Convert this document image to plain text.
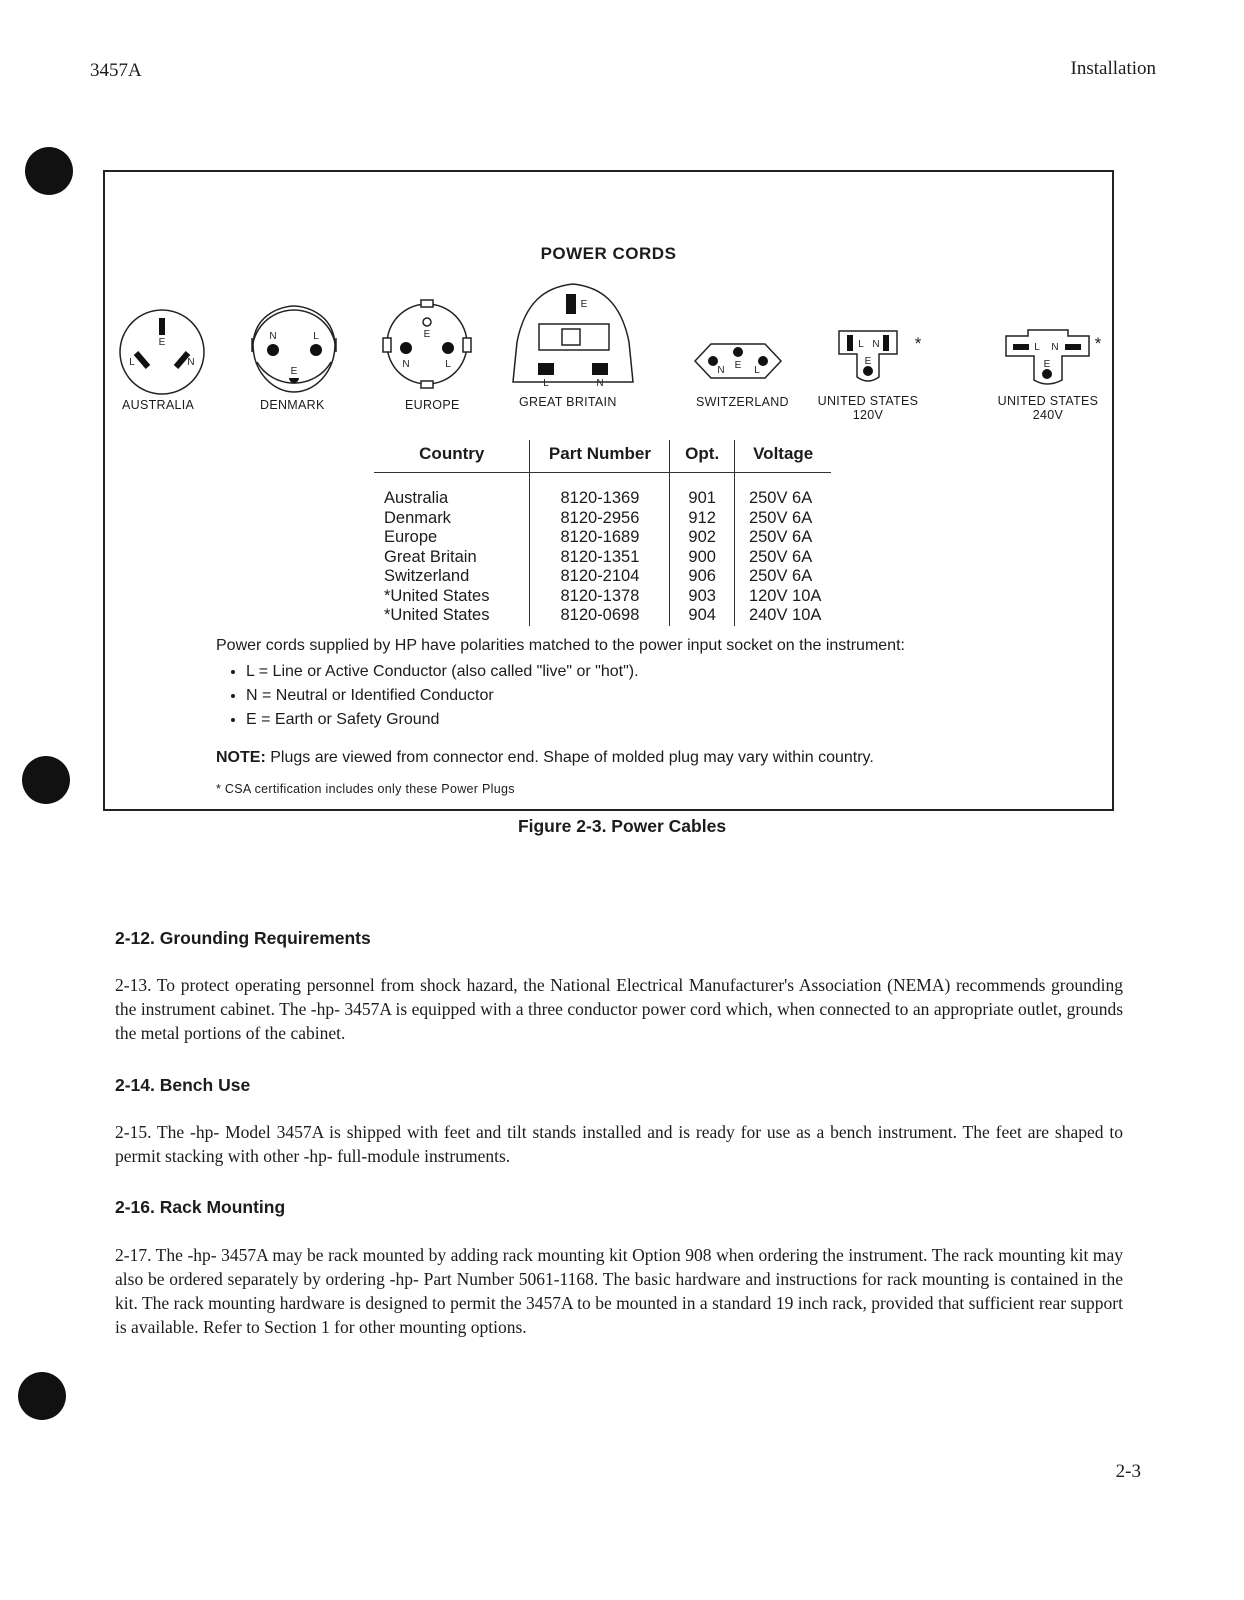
3457A	Installation
POWER CORDS
E
L	N
N	L
E
E
N	L
E
L	N
N E L
L N
E
*	L N
E
*
AUSTRALIA	DENMARK	EUROPE	GREAT BRITAIN	SWITZERLAND	UNITED STATES
120V
UNITED STATES
240V
Country	Part Number	Opt.	Voltage
Australia	8120-1369	901	250V 6A
Denmark	8120-2956	912	250V 6A
Europe	8120-1689	902	250V 6A
Great Britain	8120-1351	900	250V 6A
Switzerland	8120-2104	906	250V 6A
*United States	8120-1378	903	120V 10A
*United States	8120-0698	904	240V 10A
Power cords supplied by HP have polarities matched to the power input socket on the instrument:
• L = Line or Active Conductor (also called "live" or "hot").
• N = Neutral or Identified Conductor
• E = Earth or Safety Ground
NOTE: Plugs are viewed from connector end. Shape of molded plug may vary within country.
* CSA certification includes only these Power Plugs
Figure 2-3. Power Cables
2-12. Grounding Requirements
2-13. To protect operating personnel from shock hazard, the National Electrical Manufacturer's Association (NEMA) recommends grounding the instrument cabinet. The -hp- 3457A is equipped with a three conductor power cord which, when connected to an appropriate outlet, grounds the metal portions of the cabinet.
2-14. Bench Use
2-15. The -hp- Model 3457A is shipped with feet and tilt stands installed and is ready for use as a bench instrument. The feet are shaped to permit stacking with other -hp- full-module instruments.
2-16. Rack Mounting
2-17. The -hp- 3457A may be rack mounted by adding rack mounting kit Option 908 when ordering the instrument. The rack mounting kit may also be ordered separately by ordering -hp- Part Number 5061-1168. The basic hardware and instructions for rack mounting is contained in the kit. The rack mounting hardware is designed to permit the 3457A to be mounted in a standard 19 inch rack, provided that sufficient rear support is available. Refer to Section 1 for other mounting options.
2-3
